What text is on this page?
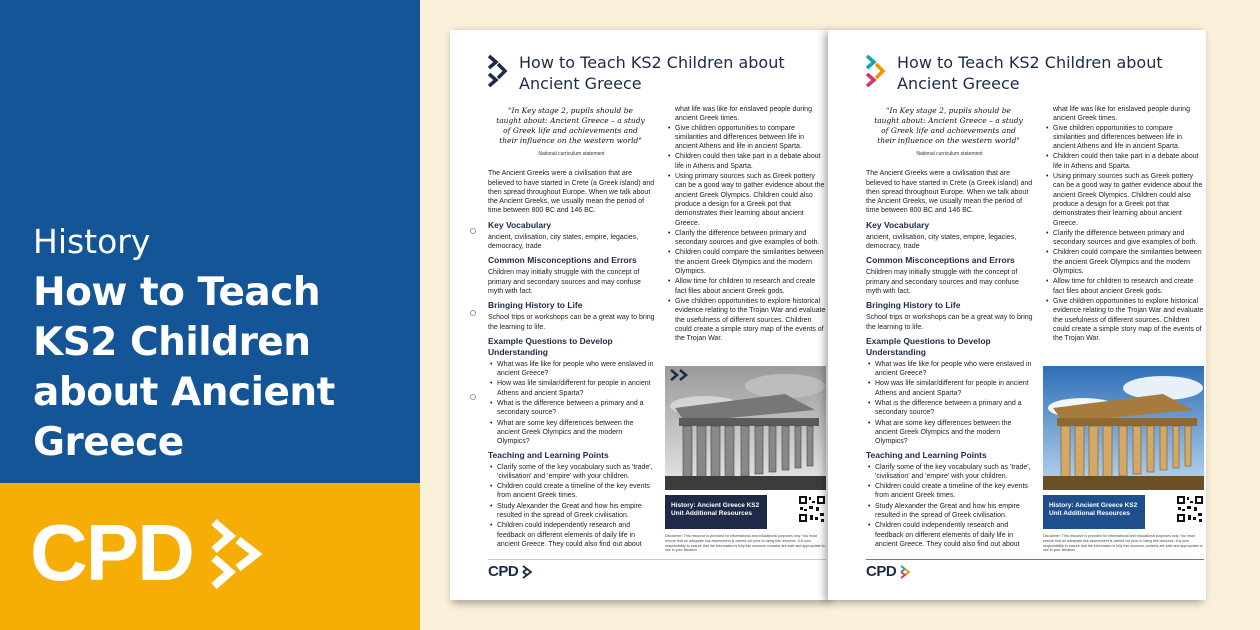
History
How to Teach KS2 Children about Ancient Greece
CPD
How to Teach KS2 Children about Ancient Greece
"In Key stage 2, pupils should be taught about: Ancient Greece – a study of Greek life and achievements and their influence on the western world"
National curriculum statement
The Ancient Greeks were a civilisation that are believed to have started in Crete (a Greek island) and then spread throughout Europe. When we talk about the Ancient Greeks, we usually mean the period of time between 800 BC and 146 BC.
Key Vocabulary
ancient, civilisation, city states, empire, legacies, democracy, trade
Common Misconceptions and Errors
Children may initially struggle with the concept of primary and secondary sources and may confuse myth with fact.
Bringing History to Life
School trips or workshops can be a great way to bring the learning to life.
Example Questions to Develop Understanding
• What was life like for people who were enslaved in ancient Greece?
• How was life similar/different for people in ancient Athens and ancient Sparta?
• What is the difference between a primary and a secondary source?
• What are some key differences between the ancient Greek Olympics and the modern Olympics?
Teaching and Learning Points
• Clarify some of the key vocabulary such as 'trade', 'civilisation' and 'empire' with your children.
• Children could create a timeline of the key events from ancient Greek times.
• Study Alexander the Great and how his empire resulted in the spread of Greek civilisation.
• Children could independently research and feedback on different elements of daily life in ancient Greece. They could also find out about
what life was like for enslaved people during ancient Greek times.
• Give children opportunities to compare similarities and differences between life in ancient Athens and life in ancient Sparta.
• Children could then take part in a debate about life in Athens and Sparta.
• Using primary sources such as Greek pottery can be a good way to gather evidence about the ancient Greek Olympics. Children could also produce a design for a Greek pot that demonstrates their learning about ancient Greece.
• Clarify the difference between primary and secondary sources and give examples of both.
• Children could compare the similarities between the ancient Greek Olympics and the modern Olympics.
• Allow time for children to research and create fact files about ancient Greek gods.
• Give children opportunities to explore historical evidence relating to the Trojan War and evaluate the usefulness of different sources. Children could create a simple story map of the events of the Trojan War.
History: Ancient Greece KS2 Unit Additional Resources
Disclaimer: This resource is provided for informational and educational purposes only. You must ensure that an adequate risk assessment is carried out prior to using this resource. It is your responsibility to ensure that the information is fully this resource contains are safe and appropriate to use in your situation.
CPD
How to Teach KS2 Children about Ancient Greece
"In Key stage 2, pupils should be taught about: Ancient Greece – a study of Greek life and achievements and their influence on the western world"
National curriculum statement
The Ancient Greeks were a civilisation that are believed to have started in Crete (a Greek island) and then spread throughout Europe. When we talk about the Ancient Greeks, we usually mean the period of time between 800 BC and 146 BC.
Key Vocabulary
ancient, civilisation, city states, empire, legacies, democracy, trade
Common Misconceptions and Errors
Children may initially struggle with the concept of primary and secondary sources and may confuse myth with fact.
Bringing History to Life
School trips or workshops can be a great way to bring the learning to life.
Example Questions to Develop Understanding
• What was life like for people who were enslaved in ancient Greece?
• How was life similar/different for people in ancient Athens and ancient Sparta?
• What is the difference between a primary and a secondary source?
• What are some key differences between the ancient Greek Olympics and the modern Olympics?
Teaching and Learning Points
• Clarify some of the key vocabulary such as 'trade', 'civilisation' and 'empire' with your children.
• Children could create a timeline of the key events from ancient Greek times.
• Study Alexander the Great and how his empire resulted in the spread of Greek civilisation.
• Children could independently research and feedback on different elements of daily life in ancient Greece. They could also find out about
what life was like for enslaved people during ancient Greek times.
• Give children opportunities to compare similarities and differences between life in ancient Athens and life in ancient Sparta.
• Children could then take part in a debate about life in Athens and Sparta.
• Using primary sources such as Greek pottery can be a good way to gather evidence about the ancient Greek Olympics. Children could also produce a design for a Greek pot that demonstrates their learning about ancient Greece.
• Clarify the difference between primary and secondary sources and give examples of both.
• Children could compare the similarities between the ancient Greek Olympics and the modern Olympics.
• Allow time for children to research and create fact files about ancient Greek gods.
• Give children opportunities to explore historical evidence relating to the Trojan War and evaluate the usefulness of different sources. Children could create a simple story map of the events of the Trojan War.
History: Ancient Greece KS2 Unit Additional Resources
Disclaimer: This resource is provided for informational and educational purposes only. You must ensure that an adequate risk assessment is carried out prior to using this resource. It is your responsibility to ensure that the information is fully this resource contains are safe and appropriate to use in your situation.
CPD
